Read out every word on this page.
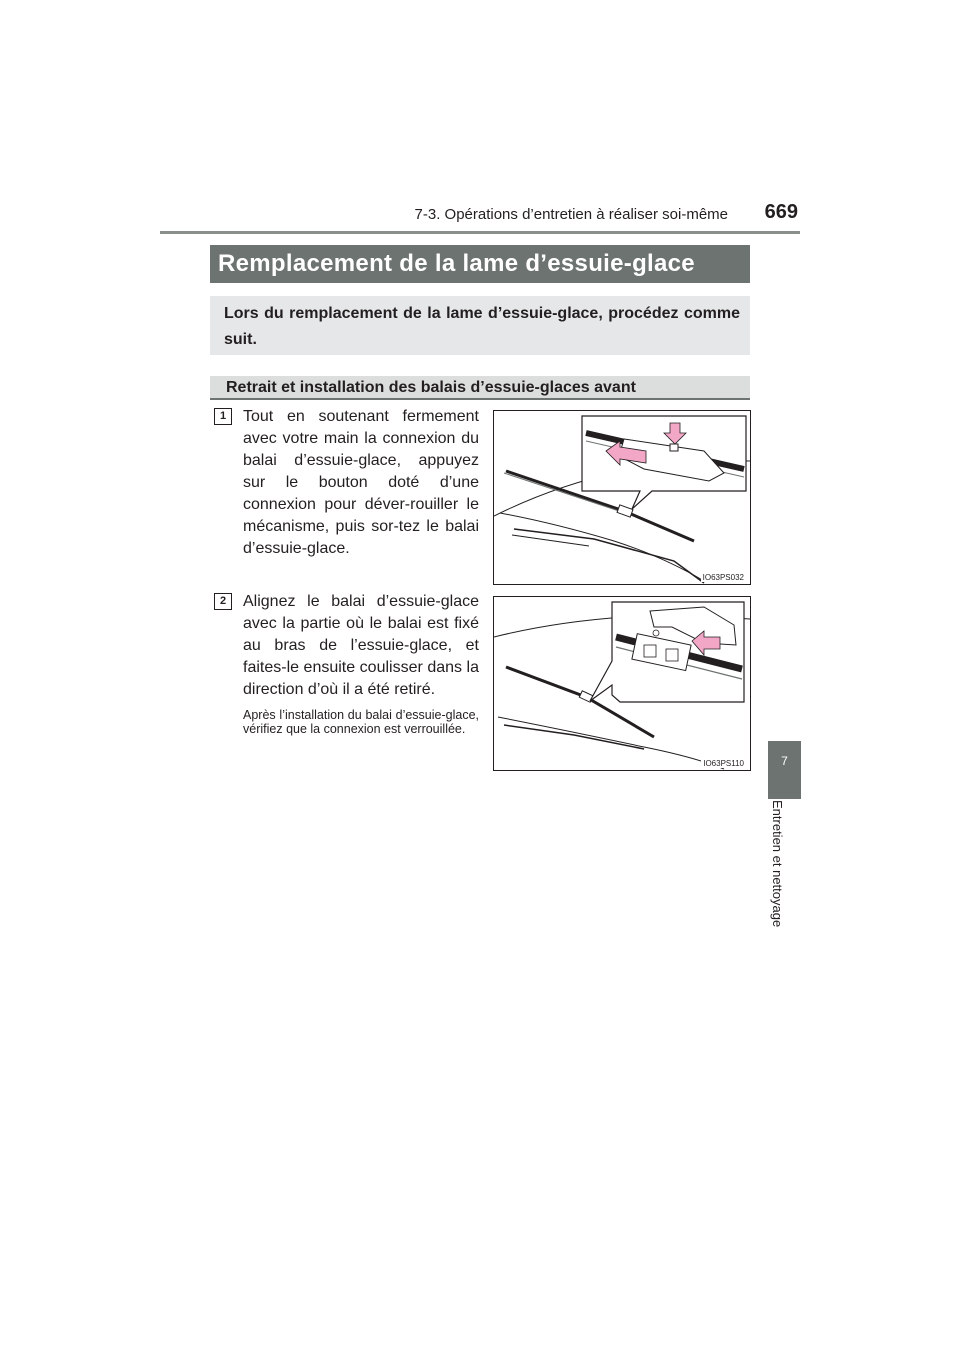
7-3. Opérations d’entretien à réaliser soi-même	669
7
Entretien et nettoyage
Remplacement de la lame d’essuie-glace
Lors du remplacement de la lame d’essuie-glace, procédez comme suit.
Retrait et installation des balais d’essuie-glaces avant
1	Tout en soutenant fermement avec votre main la connexion du balai d’essuie-glace, appuyez sur le bouton doté d’une connexion pour déver-rouiller le mécanisme, puis sor-tez le balai d’essuie-glace.
IO63PS032
2	Alignez le balai d’essuie-glace avec la partie où le balai est fixé au bras de l’essuie-glace, et faites-le ensuite coulisser dans la direction d’où il a été retiré.
Après l’installation du balai d’essuie-glace, vérifiez que la connexion est verrouillée.
IO63PS110
